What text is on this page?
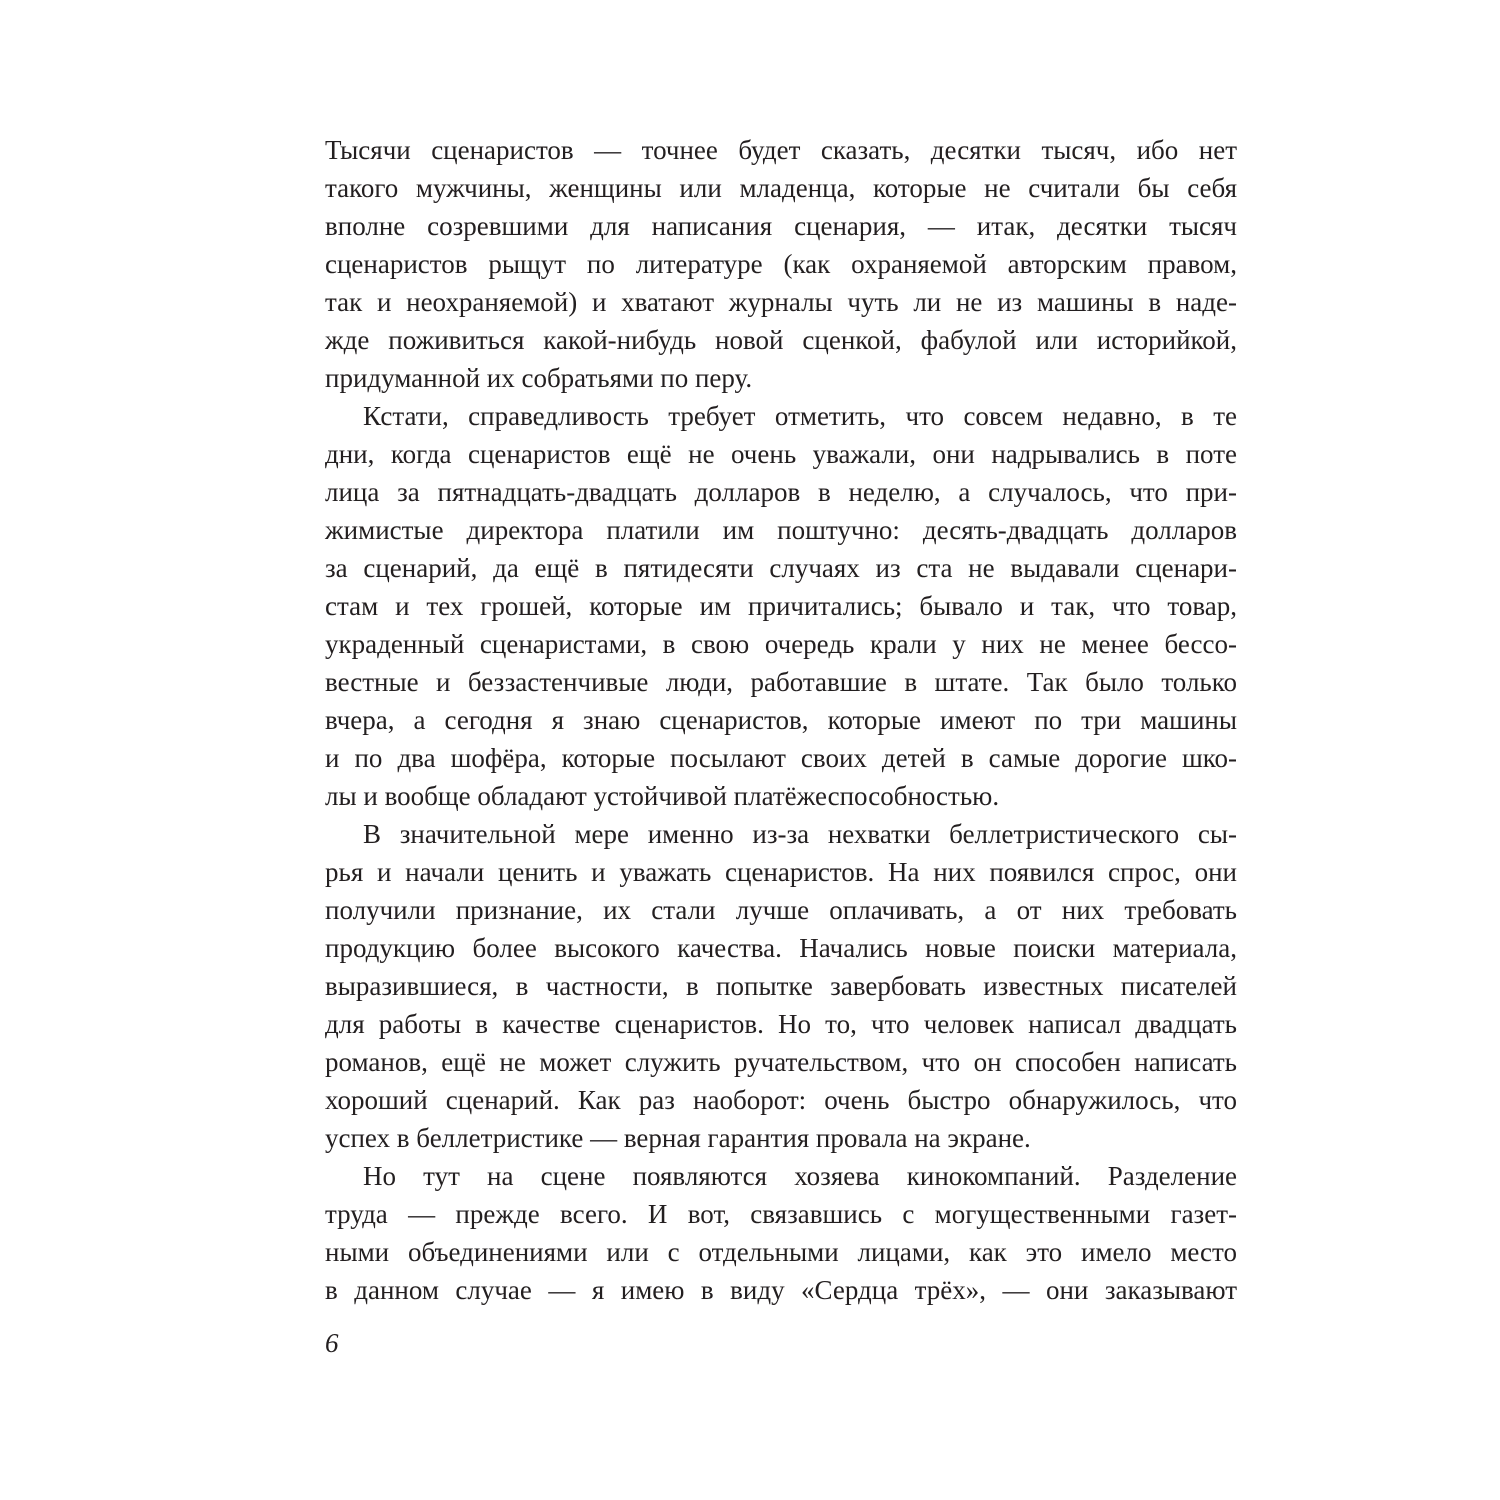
Тысячи сценаристов — точнее будет сказать, десятки тысяч, ибо нет
такого мужчины, женщины или младенца, которые не считали бы себя
вполне созревшими для написания сценария, — итак, десятки тысяч
сценаристов рыщут по литературе (как охраняемой авторским правом,
так и неохраняемой) и хватают журналы чуть ли не из машины в наде-
жде поживиться какой-нибудь новой сценкой, фабулой или историйкой,
придуманной их собратьями по перу.
Кстати, справедливость требует отметить, что совсем недавно, в те
дни, когда сценаристов ещё не очень уважали, они надрывались в поте
лица за пятнадцать-двадцать долларов в неделю, а случалось, что при-
жимистые директора платили им поштучно: десять-двадцать долларов
за сценарий, да ещё в пятидесяти случаях из ста не выдавали сценари-
стам и тех грошей, которые им причитались; бывало и так, что товар,
украденный сценаристами, в свою очередь крали у них не менее бессо-
вестные и беззастенчивые люди, работавшие в штате. Так было только
вчера, а сегодня я знаю сценаристов, которые имеют по три машины
и по два шофёра, которые посылают своих детей в самые дорогие шко-
лы и вообще обладают устойчивой платёжеспособностью.
В значительной мере именно из-за нехватки беллетристического сы-
рья и начали ценить и уважать сценаристов. На них появился спрос, они
получили признание, их стали лучше оплачивать, а от них требовать
продукцию более высокого качества. Начались новые поиски материала,
выразившиеся, в частности, в попытке завербовать известных писателей
для работы в качестве сценаристов. Но то, что человек написал двадцать
романов, ещё не может служить ручательством, что он способен написать
хороший сценарий. Как раз наоборот: очень быстро обнаружилось, что
успех в беллетристике — верная гарантия провала на экране.
Но тут на сцене появляются хозяева кинокомпаний. Разделение
труда — прежде всего. И вот, связавшись с могущественными газет-
ными объединениями или с отдельными лицами, как это имело место
в данном случае — я имею в виду «Сердца трёх», — они заказывают
6
